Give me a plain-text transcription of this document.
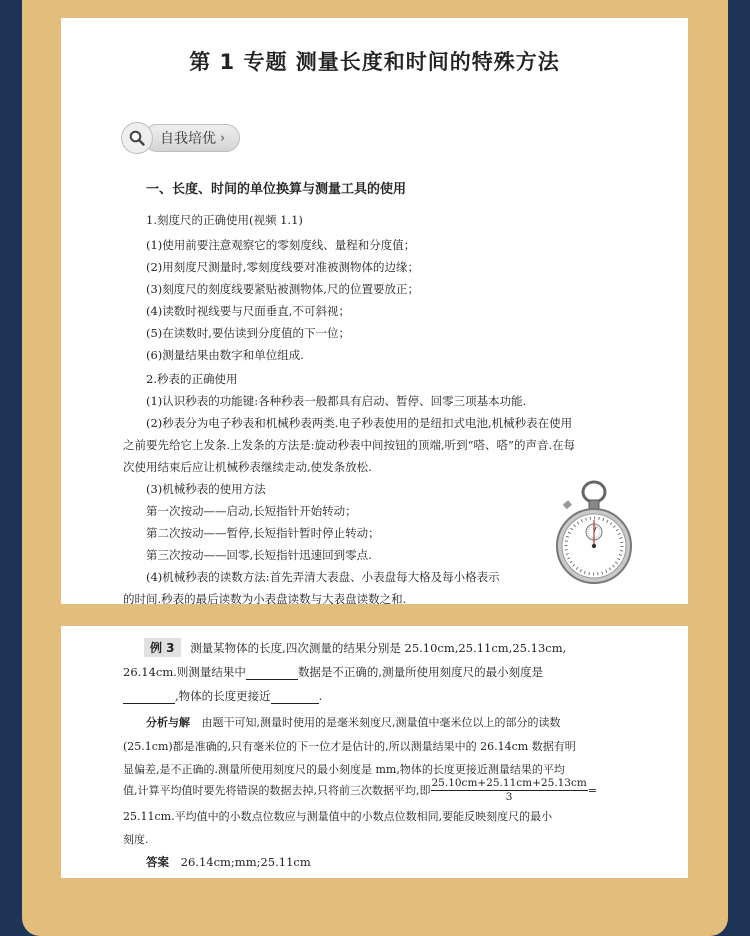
第 1 专题 测量长度和时间的特殊方法
自我培优 ›
一、长度、时间的单位换算与测量工具的使用
1.刻度尺的正确使用(视频 1.1)
(1)使用前要注意观察它的零刻度线、量程和分度值；
(2)用刻度尺测量时,零刻度线要对准被测物体的边缘；
(3)刻度尺的刻度线要紧贴被测物体,尺的位置要放正；
(4)读数时视线要与尺面垂直,不可斜视；
(5)在读数时,要估读到分度值的下一位；
(6)测量结果由数字和单位组成.
2.秒表的正确使用
(1)认识秒表的功能键:各种秒表一般都具有启动、暂停、回零三项基本功能.
(2)秒表分为电子秒表和机械秒表两类.电子秒表使用的是纽扣式电池,机械秒表在使用
之前要先给它上发条.上发条的方法是:旋动秒表中间按钮的顶端,听到“嗒、嗒”的声音.在每
次使用结束后应让机械秒表继续走动,使发条放松.
(3)机械秒表的使用方法
第一次按动——启动,长短指针开始转动；
第二次按动——暂停,长短指针暂时停止转动；
第三次按动——回零,长短指针迅速回到零点.
(4)机械秒表的读数方法:首先弄清大表盘、小表盘每大格及每小格表示
的时间.秒表的最后读数为小表盘读数与大表盘读数之和.
例 3 测量某物体的长度,四次测量的结果分别是 25.10cm,25.11cm,25.13cm,
26.14cm.则测量结果中	数据是不正确的,测量所使用刻度尺的最小刻度是
,物体的长度更接近	.
分析与解 由题干可知,测量时使用的是毫米刻度尺,测量值中毫米位以上的部分的读数
(25.1cm)都是准确的,只有毫米位的下一位才是估计的,所以测量结果中的 26.14cm 数据有明
显偏差,是不正确的.测量所使用刻度尺的最小刻度是 mm,物体的长度更接近测量结果的平均
值,计算平均值时要先将错误的数据去掉,只将前三次数据平均,即 $\frac{25.10cm+25.11cm+25.13cm}{3}$ =
25.11cm.平均值中的小数点位数应与测量值中的小数点位数相同,要能反映刻度尺的最小
刻度.
答案 26.14cm;mm;25.11cm
